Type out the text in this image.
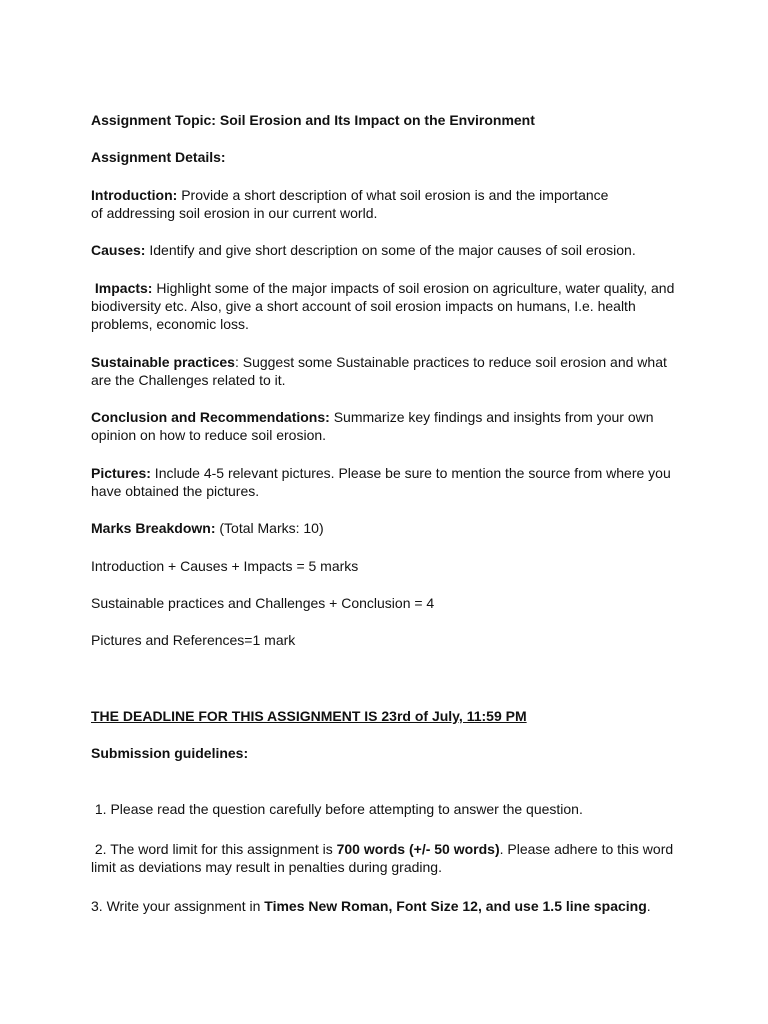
Assignment Topic: Soil Erosion and Its Impact on the Environment

Assignment Details:

Introduction: Provide a short description of what soil erosion is and the importance
of addressing soil erosion in our current world.

Causes: Identify and give short description on some of the major causes of soil erosion.

Impacts: Highlight some of the major impacts of soil erosion on agriculture, water quality, and biodiversity etc. Also, give a short account of soil erosion impacts on humans, I.e. health problems, economic loss.

Sustainable practices: Suggest some Sustainable practices to reduce soil erosion and what are the Challenges related to it.

Conclusion and Recommendations: Summarize key findings and insights from your own opinion on how to reduce soil erosion.

Pictures: Include 4-5 relevant pictures. Please be sure to mention the source from where you have obtained the pictures.

Marks Breakdown: (Total Marks: 10)

Introduction + Causes + Impacts = 5 marks

Sustainable practices and Challenges + Conclusion = 4

Pictures and References=1 mark

THE DEADLINE FOR THIS ASSIGNMENT IS 23rd of July, 11:59 PM

Submission guidelines:

1. Please read the question carefully before attempting to answer the question.

2. The word limit for this assignment is 700 words (+/- 50 words). Please adhere to this word limit as deviations may result in penalties during grading.

3. Write your assignment in Times New Roman, Font Size 12, and use 1.5 line spacing.
